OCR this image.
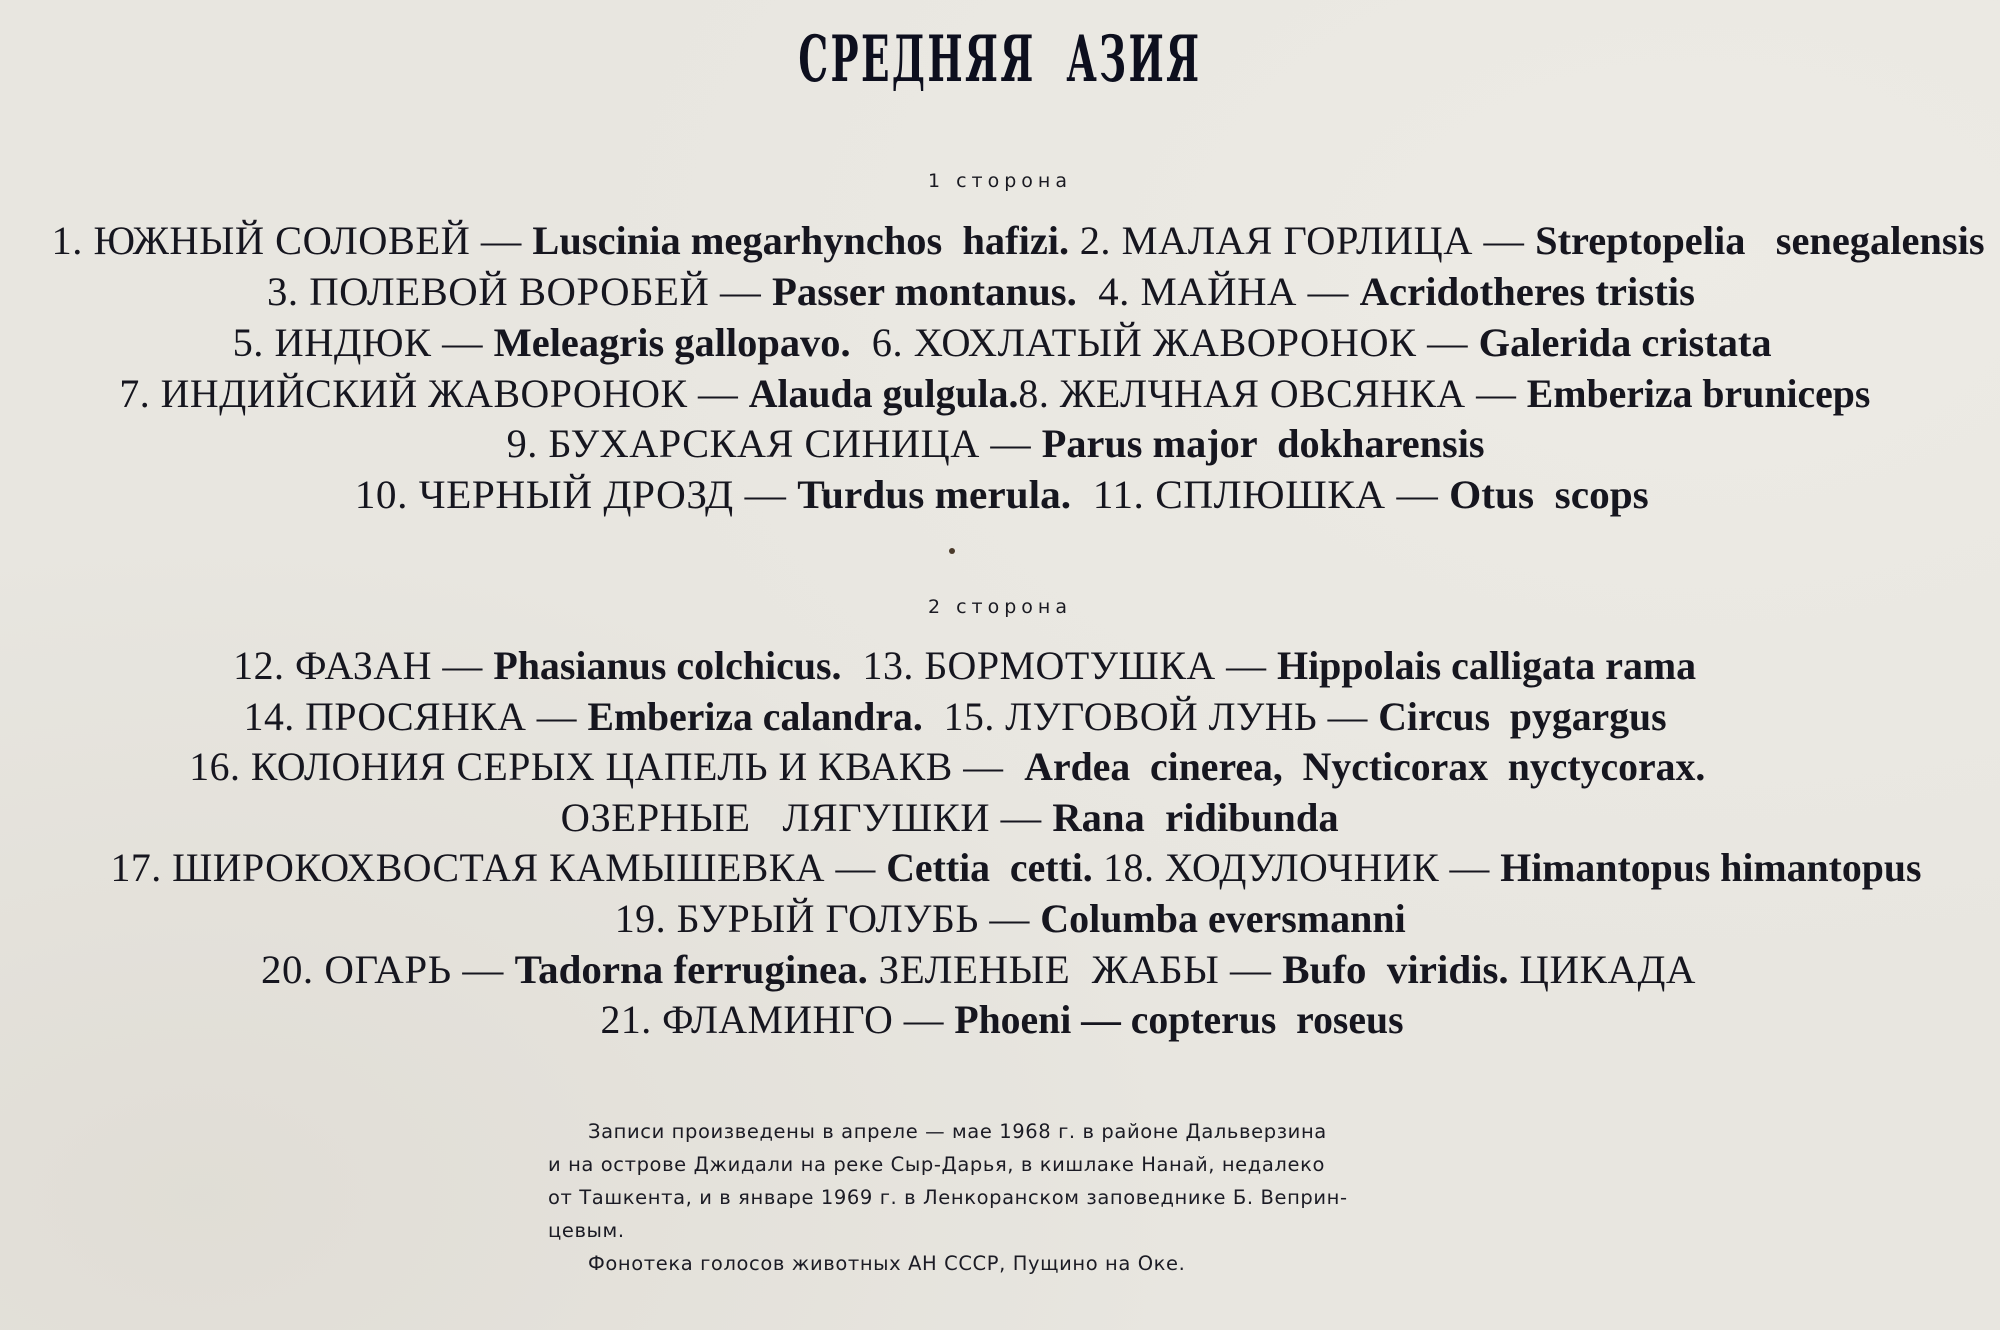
СРЕДНЯЯ  АЗИЯ
1 сторона
1. ЮЖНЫЙ СОЛОВЕЙ — Luscinia megarhynchos  hafizi. 2. МАЛАЯ ГОРЛИЦА — Streptopelia   senegalensis
3. ПОЛЕВОЙ ВОРОБЕЙ — Passer montanus.  4. МАЙНА — Acridotheres tristis
5. ИНДЮК — Meleagris gallopavo.  6. ХОХЛАТЫЙ ЖАВОРОНОК — Galerida cristata
7. ИНДИЙСКИЙ ЖАВОРОНОК — Alauda gulgula.8. ЖЕЛЧНАЯ ОВСЯНКА — Emberiza bruniceps
9. БУХАРСКАЯ СИНИЦА — Parus major  dokharensis
10. ЧЕРНЫЙ ДРОЗД — Turdus merula.  11. СПЛЮШКА — Otus  scops
2 сторона
12. ФАЗАН — Phasianus colchicus.  13. БОРМОТУШКА — Hippolais calligata rama
14. ПРОСЯНКА — Emberiza calandra.  15. ЛУГОВОЙ ЛУНЬ — Circus  pygargus
16. КОЛОНИЯ СЕРЫХ ЦАПЕЛЬ И КВАКВ —  Ardea  cinerea,  Nycticorax  nyctycorax.
ОЗЕРНЫЕ   ЛЯГУШКИ — Rana  ridibunda
17. ШИРОКОХВОСТАЯ КАМЫШЕВКА — Cettia  cetti. 18. ХОДУЛОЧНИК — Himantopus himantopus
19. БУРЫЙ ГОЛУБЬ — Columba eversmanni
20. ОГАРЬ — Tadorna ferruginea. ЗЕЛЕНЫЕ  ЖАБЫ — Bufo  viridis. ЦИКАДА
21. ФЛАМИНГО — Phoeni — copterus  roseus

Записи произведены в апреле — мае 1968 г. в районе Дальверзина

и на острове Джидали на реке Сыр-Дарья, в кишлаке Нанай, недалеко

от Ташкента, и в январе 1969 г. в Ленкоранском заповеднике Б. Веприн-

цевым.

Фонотека голосов животных АН СССР, Пущино на Оке.
